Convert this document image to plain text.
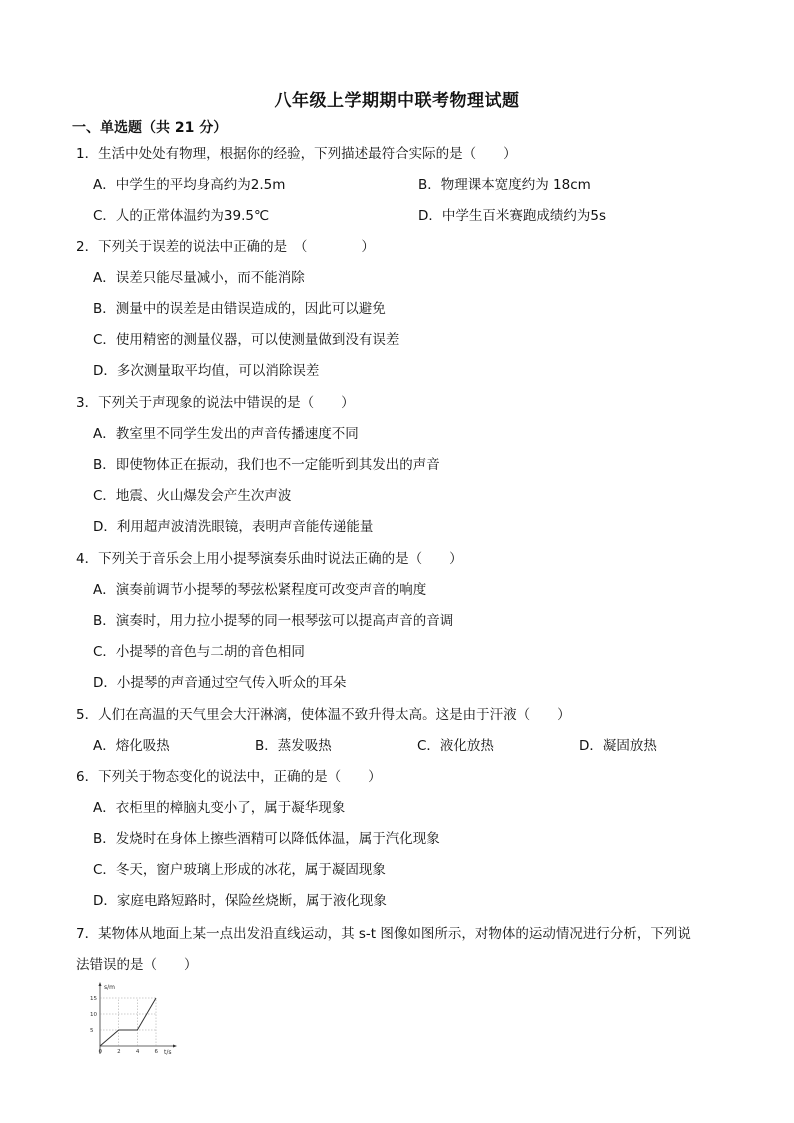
八年级上学期期中联考物理试题
一、单选题（共 21 分）
1．生活中处处有物理，根据你的经验，下列描述最符合实际的是（　　）
A．中学生的平均身高约为2.5m	B．物理课本宽度约为 18cm
C．人的正常体温约为39.5℃	D．中学生百米赛跑成绩约为5s
2．下列关于误差的说法中正确的是　（　　　　）
A．误差只能尽量减小，而不能消除
B．测量中的误差是由错误造成的，因此可以避免
C．使用精密的测量仪器，可以使测量做到没有误差
D．多次测量取平均值，可以消除误差
3．下列关于声现象的说法中错误的是（　　）
A．教室里不同学生发出的声音传播速度不同
B．即使物体正在振动，我们也不一定能听到其发出的声音
C．地震、火山爆发会产生次声波
D．利用超声波清洗眼镜，表明声音能传递能量
4．下列关于音乐会上用小提琴演奏乐曲时说法正确的是（　　）
A．演奏前调节小提琴的琴弦松紧程度可改变声音的响度
B．演奏时，用力拉小提琴的同一根琴弦可以提高声音的音调
C．小提琴的音色与二胡的音色相同
D．小提琴的声音通过空气传入听众的耳朵
5．人们在高温的天气里会大汗淋漓，使体温不致升得太高。这是由于汗液（　　）
A．熔化吸热	B．蒸发吸热	C．液化放热	D．凝固放热
6．下列关于物态变化的说法中，正确的是（　　）
A．衣柜里的樟脑丸变小了，属于凝华现象
B．发烧时在身体上擦些酒精可以降低体温，属于汽化现象
C．冬天，窗户玻璃上形成的冰花，属于凝固现象
D．家庭电路短路时，保险丝烧断，属于液化现象
7．某物体从地面上某一点出发沿直线运动，其 s-t 图像如图所示，对物体的运动情况进行分析，下列说
法错误的是（　　）
s/m
t/s
15
10
5
0	2	4	6
